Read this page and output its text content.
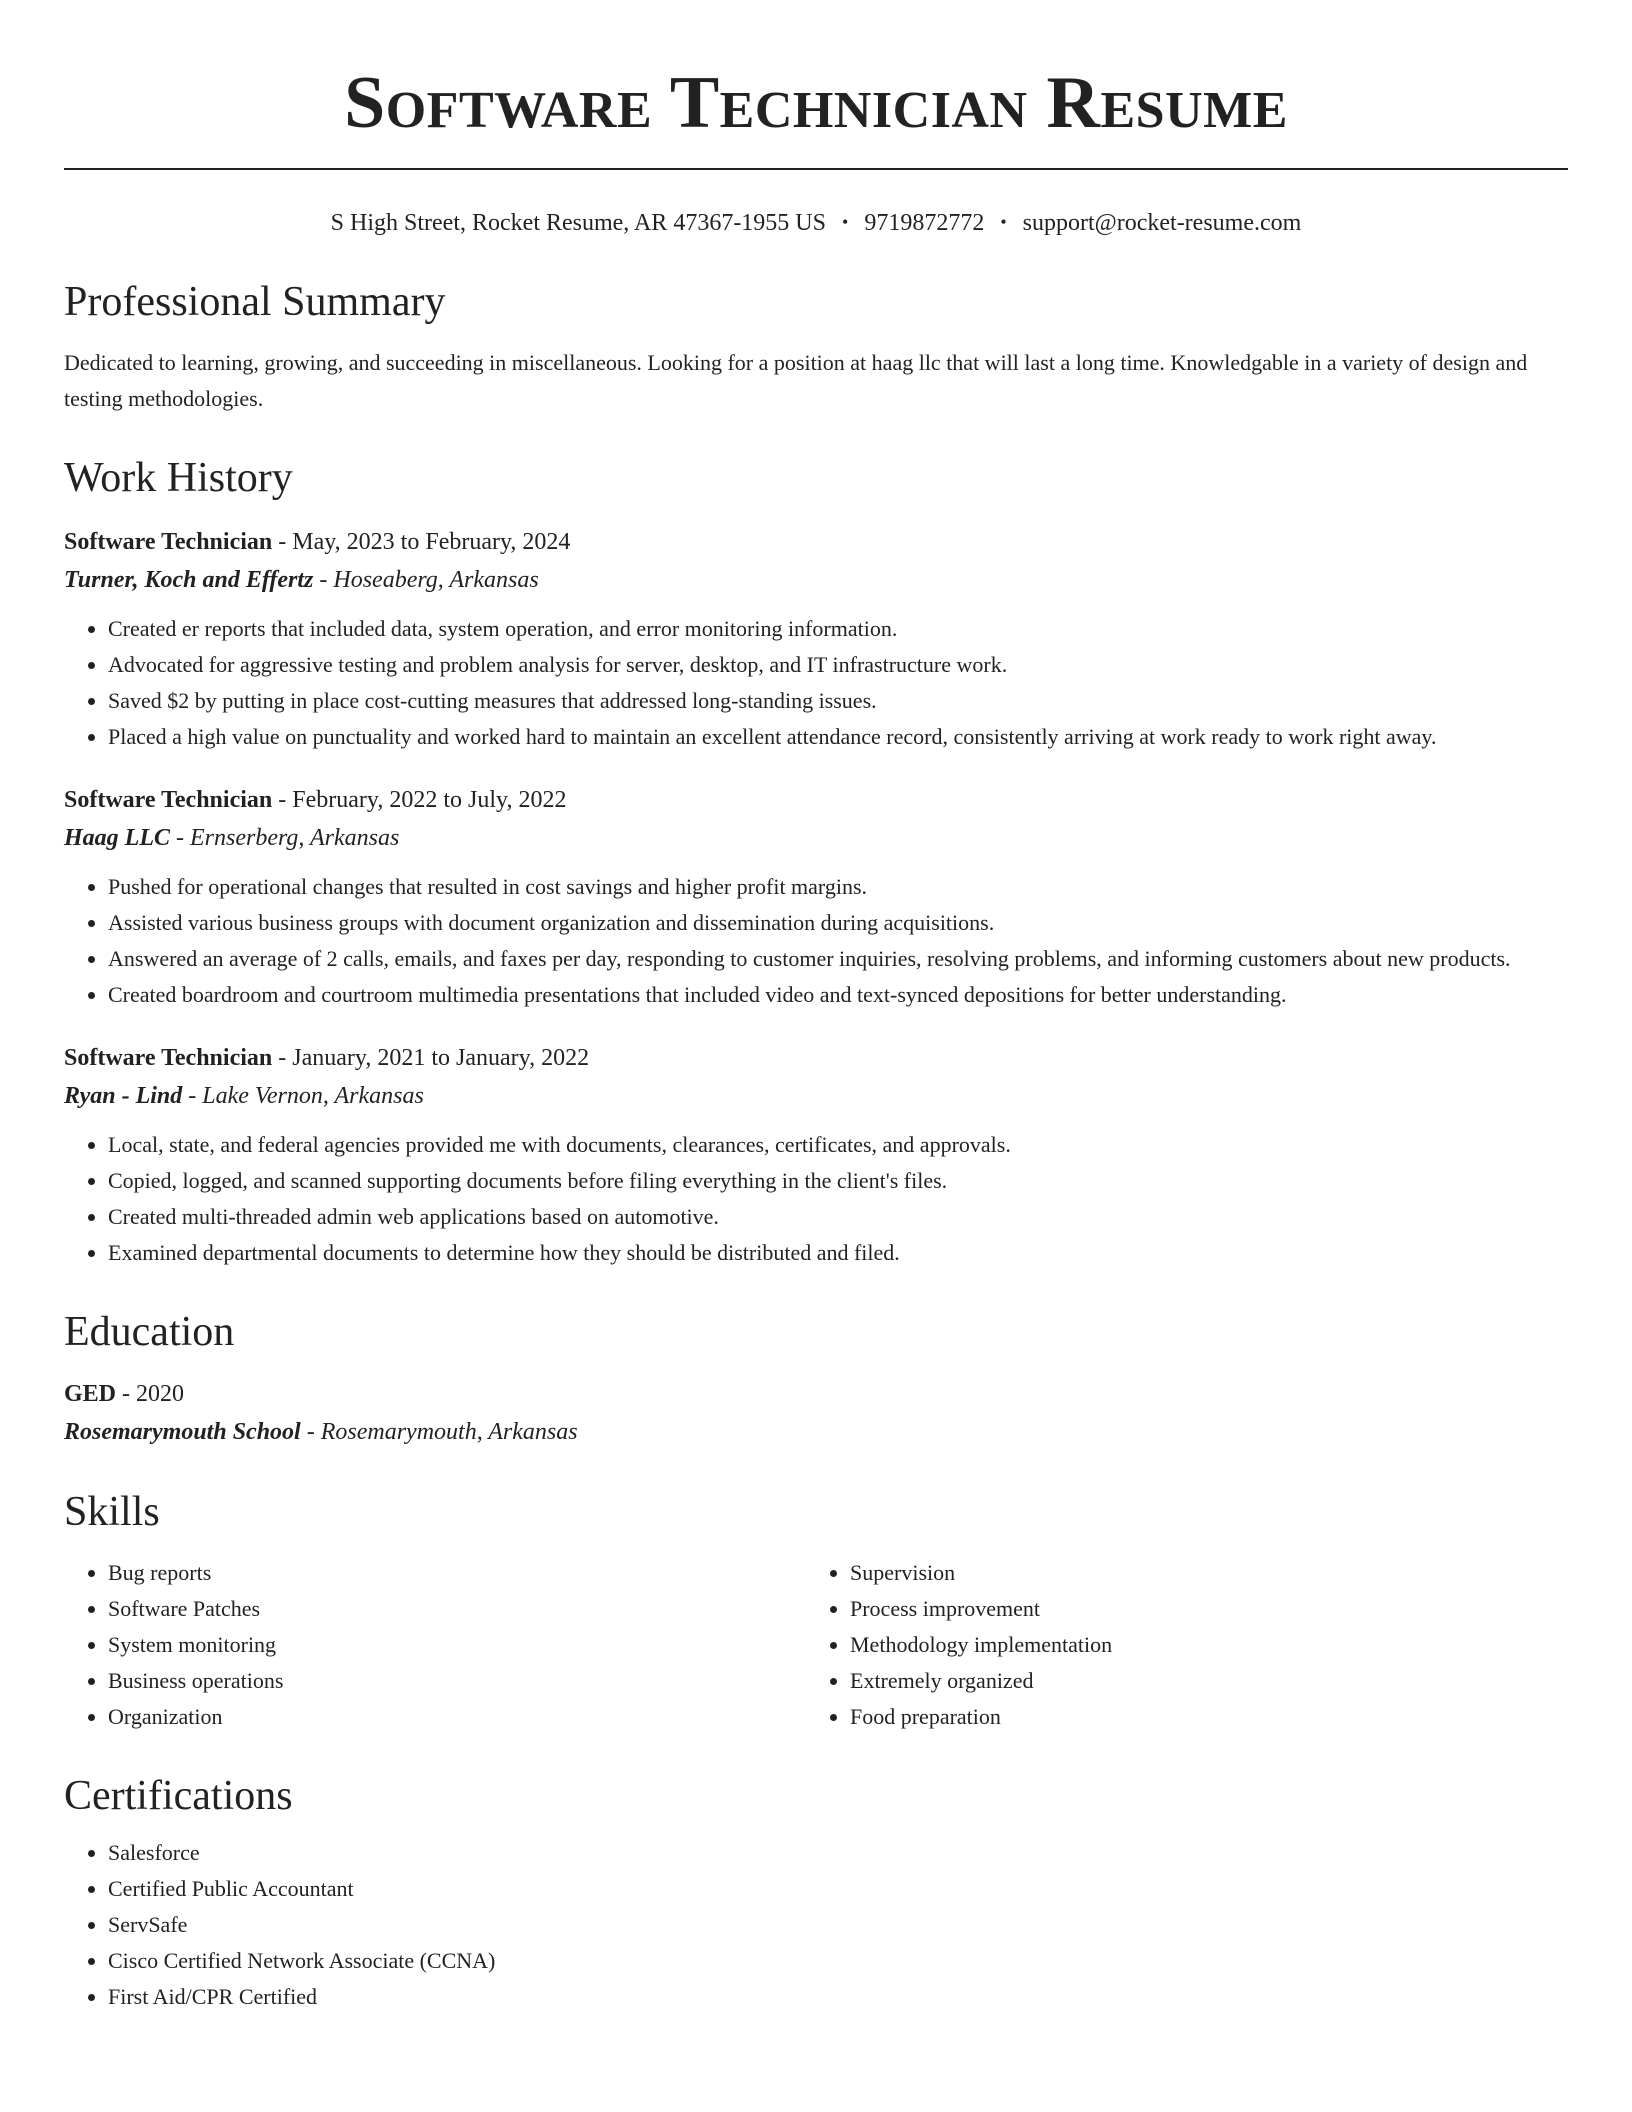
Software Technician Resume
S High Street, Rocket Resume, AR 47367-1955 US • 9719872772 • support@rocket-resume.com
Professional Summary

Dedicated to learning, growing, and succeeding in miscellaneous. Looking for a position at haag llc that will last a long time. Knowledgable in a variety of design and testing methodologies.

Work History
Software Technician - May, 2023 to February, 2024
Turner, Koch and Effertz - Hoseaberg, Arkansas
• Created er reports that included data, system operation, and error monitoring information.
• Advocated for aggressive testing and problem analysis for server, desktop, and IT infrastructure work.
• Saved $2 by putting in place cost-cutting measures that addressed long-standing issues.
• Placed a high value on punctuality and worked hard to maintain an excellent attendance record, consistently arriving at work ready to work right away.
Software Technician - February, 2022 to July, 2022
Haag LLC - Ernserberg, Arkansas
• Pushed for operational changes that resulted in cost savings and higher profit margins.
• Assisted various business groups with document organization and dissemination during acquisitions.
• Answered an average of 2 calls, emails, and faxes per day, responding to customer inquiries, resolving problems, and informing customers about new products.
• Created boardroom and courtroom multimedia presentations that included video and text-synced depositions for better understanding.
Software Technician - January, 2021 to January, 2022
Ryan - Lind - Lake Vernon, Arkansas
• Local, state, and federal agencies provided me with documents, clearances, certificates, and approvals.
• Copied, logged, and scanned supporting documents before filing everything in the client's files.
• Created multi-threaded admin web applications based on automotive.
• Examined departmental documents to determine how they should be distributed and filed.
Education
GED - 2020
Rosemarymouth School - Rosemarymouth, Arkansas
Skills
• Bug reports
• Software Patches
• System monitoring
• Business operations
• Organization
• Supervision
• Process improvement
• Methodology implementation
• Extremely organized
• Food preparation
Certifications
• Salesforce
• Certified Public Accountant
• ServSafe
• Cisco Certified Network Associate (CCNA)
• First Aid/CPR Certified
